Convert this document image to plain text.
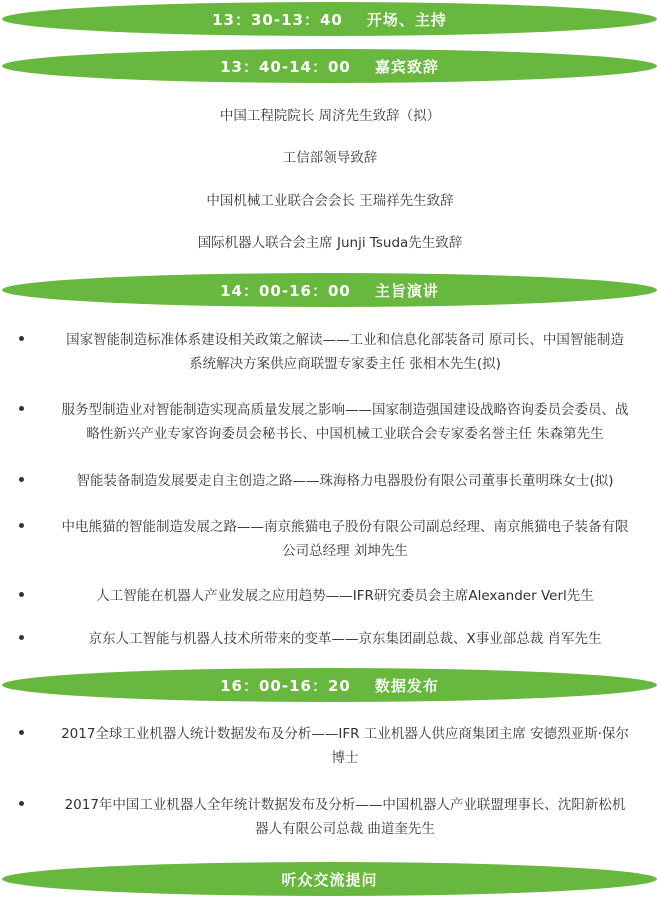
13：30-13：40 开场、主持
13：40-14：00 嘉宾致辞
中国工程院院长 周济先生致辞（拟）
工信部领导致辞
中国机械工业联合会会长 王瑞祥先生致辞
国际机器人联合会主席 Junji Tsuda先生致辞
14：00-16：00 主旨演讲
国家智能制造标准体系建设相关政策之解读——工业和信息化部装备司 原司长、中国智能制造
系统解决方案供应商联盟专家委主任 张相木先生(拟)
服务型制造业对智能制造实现高质量发展之影响——国家制造强国建设战略咨询委员会委员、战
略性新兴产业专家咨询委员会秘书长、中国机械工业联合会专家委名誉主任 朱森第先生
智能装备制造发展要走自主创造之路——珠海格力电器股份有限公司董事长董明珠女士(拟)
中电熊猫的智能制造发展之路——南京熊猫电子股份有限公司副总经理、南京熊猫电子装备有限
公司总经理 刘坤先生
人工智能在机器人产业发展之应用趋势——IFR研究委员会主席Alexander Verl先生
京东人工智能与机器人技术所带来的变革——京东集团副总裁、X事业部总裁 肖军先生
16：00-16：20 数据发布
2017全球工业机器人统计数据发布及分析——IFR 工业机器人供应商集团主席 安德烈亚斯·保尔
博士
2017年中国工业机器人全年统计数据发布及分析——中国机器人产业联盟理事长、沈阳新松机
器人有限公司总裁 曲道奎先生
听众交流提问
